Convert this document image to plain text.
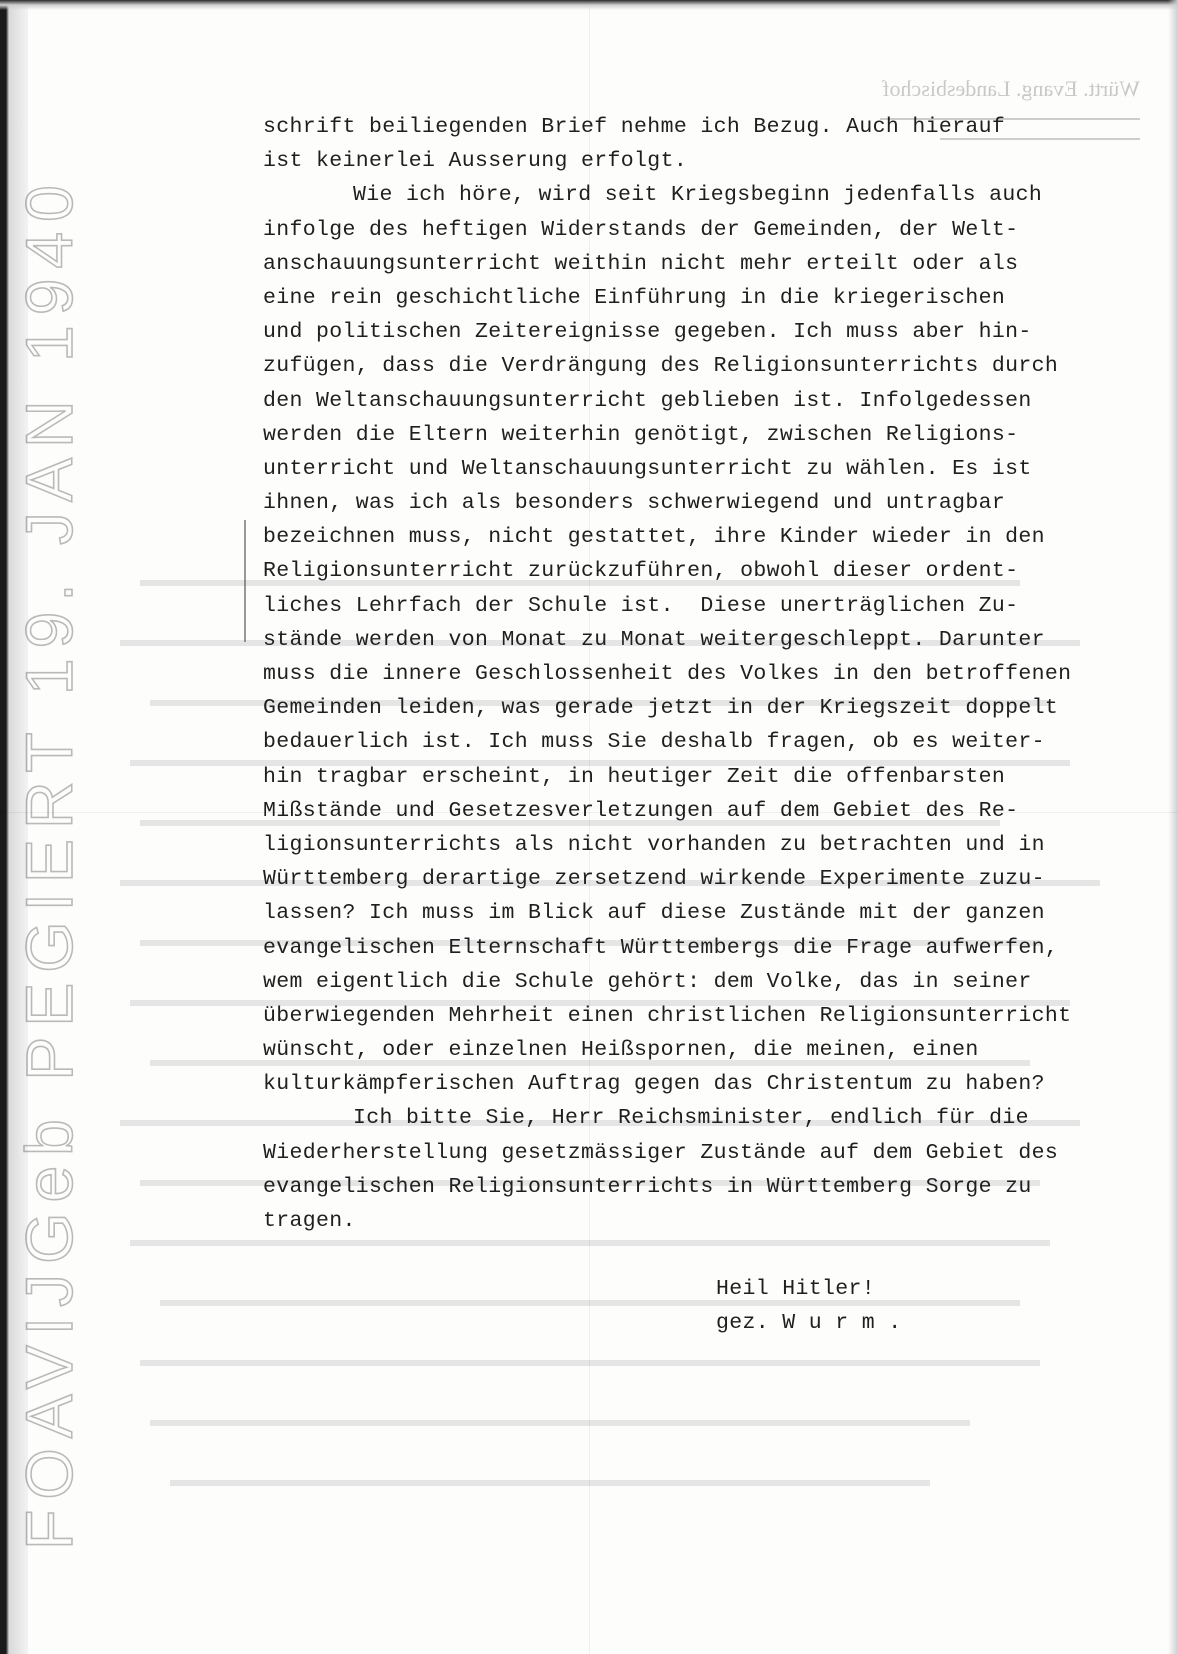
FOAVIJGeb PEGIERT 19. JAN 1940
Württ. Evang. Landesbischof
schrift beiliegenden Brief nehme ich Bezug. Auch hierauf
ist keinerlei Ausserung erfolgt.
Wie ich höre, wird seit Kriegsbeginn jedenfalls auch
infolge des heftigen Widerstands der Gemeinden, der Welt-
anschauungsunterricht weithin nicht mehr erteilt oder als
eine rein geschichtliche Einführung in die kriegerischen
und politischen Zeitereignisse gegeben. Ich muss aber hin-
zufügen, dass die Verdrängung des Religionsunterrichts durch
den Weltanschauungsunterricht geblieben ist. Infolgedessen
werden die Eltern weiterhin genötigt, zwischen Religions-
unterricht und Weltanschauungsunterricht zu wählen. Es ist
ihnen, was ich als besonders schwerwiegend und untragbar
bezeichnen muss, nicht gestattet, ihre Kinder wieder in den
Religionsunterricht zurückzuführen, obwohl dieser ordent-
liches Lehrfach der Schule ist.  Diese unerträglichen Zu-
stände werden von Monat zu Monat weitergeschleppt. Darunter
muss die innere Geschlossenheit des Volkes in den betroffenen
Gemeinden leiden, was gerade jetzt in der Kriegszeit doppelt
bedauerlich ist. Ich muss Sie deshalb fragen, ob es weiter-
hin tragbar erscheint, in heutiger Zeit die offenbarsten
Mißstände und Gesetzesverletzungen auf dem Gebiet des Re-
ligionsunterrichts als nicht vorhanden zu betrachten und in
Württemberg derartige zersetzend wirkende Experimente zuzu-
lassen? Ich muss im Blick auf diese Zustände mit der ganzen
evangelischen Elternschaft Württembergs die Frage aufwerfen,
wem eigentlich die Schule gehört: dem Volke, das in seiner
überwiegenden Mehrheit einen christlichen Religionsunterricht
wünscht, oder einzelnen Heißspornen, die meinen, einen
kulturkämpferischen Auftrag gegen das Christentum zu haben?
Ich bitte Sie, Herr Reichsminister, endlich für die
Wiederherstellung gesetzmässiger Zustände auf dem Gebiet des
evangelischen Religionsunterrichts in Württemberg Sorge zu
tragen.
Heil Hitler!
gez. W u r m .
